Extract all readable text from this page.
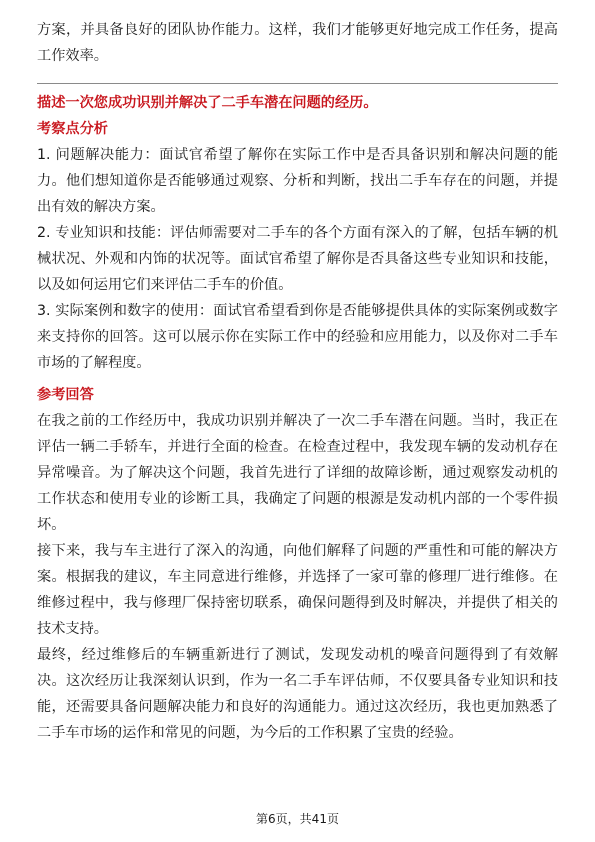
方案，并具备良好的团队协作能力。这样，我们才能够更好地完成工作任务，提高工作效率。

描述一次您成功识别并解决了二手车潜在问题的经历。
考察点分析

1. 问题解决能力：面试官希望了解你在实际工作中是否具备识别和解决问题的能力。他们想知道你是否能够通过观察、分析和判断，找出二手车存在的问题，并提出有效的解决方案。

2. 专业知识和技能：评估师需要对二手车的各个方面有深入的了解，包括车辆的机械状况、外观和内饰的状况等。面试官希望了解你是否具备这些专业知识和技能，以及如何运用它们来评估二手车的价值。

3. 实际案例和数字的使用：面试官希望看到你是否能够提供具体的实际案例或数字来支持你的回答。这可以展示你在实际工作中的经验和应用能力，以及你对二手车市场的了解程度。

参考回答

在我之前的工作经历中，我成功识别并解决了一次二手车潜在问题。当时，我正在评估一辆二手轿车，并进行全面的检查。在检查过程中，我发现车辆的发动机存在异常噪音。为了解决这个问题，我首先进行了详细的故障诊断，通过观察发动机的工作状态和使用专业的诊断工具，我确定了问题的根源是发动机内部的一个零件损坏。

接下来，我与车主进行了深入的沟通，向他们解释了问题的严重性和可能的解决方案。根据我的建议，车主同意进行维修，并选择了一家可靠的修理厂进行维修。在维修过程中，我与修理厂保持密切联系，确保问题得到及时解决，并提供了相关的技术支持。

最终，经过维修后的车辆重新进行了测试，发现发动机的噪音问题得到了有效解决。这次经历让我深刻认识到，作为一名二手车评估师，不仅要具备专业知识和技能，还需要具备问题解决能力和良好的沟通能力。通过这次经历，我也更加熟悉了二手车市场的运作和常见的问题，为今后的工作积累了宝贵的经验。

第6页，共41页
